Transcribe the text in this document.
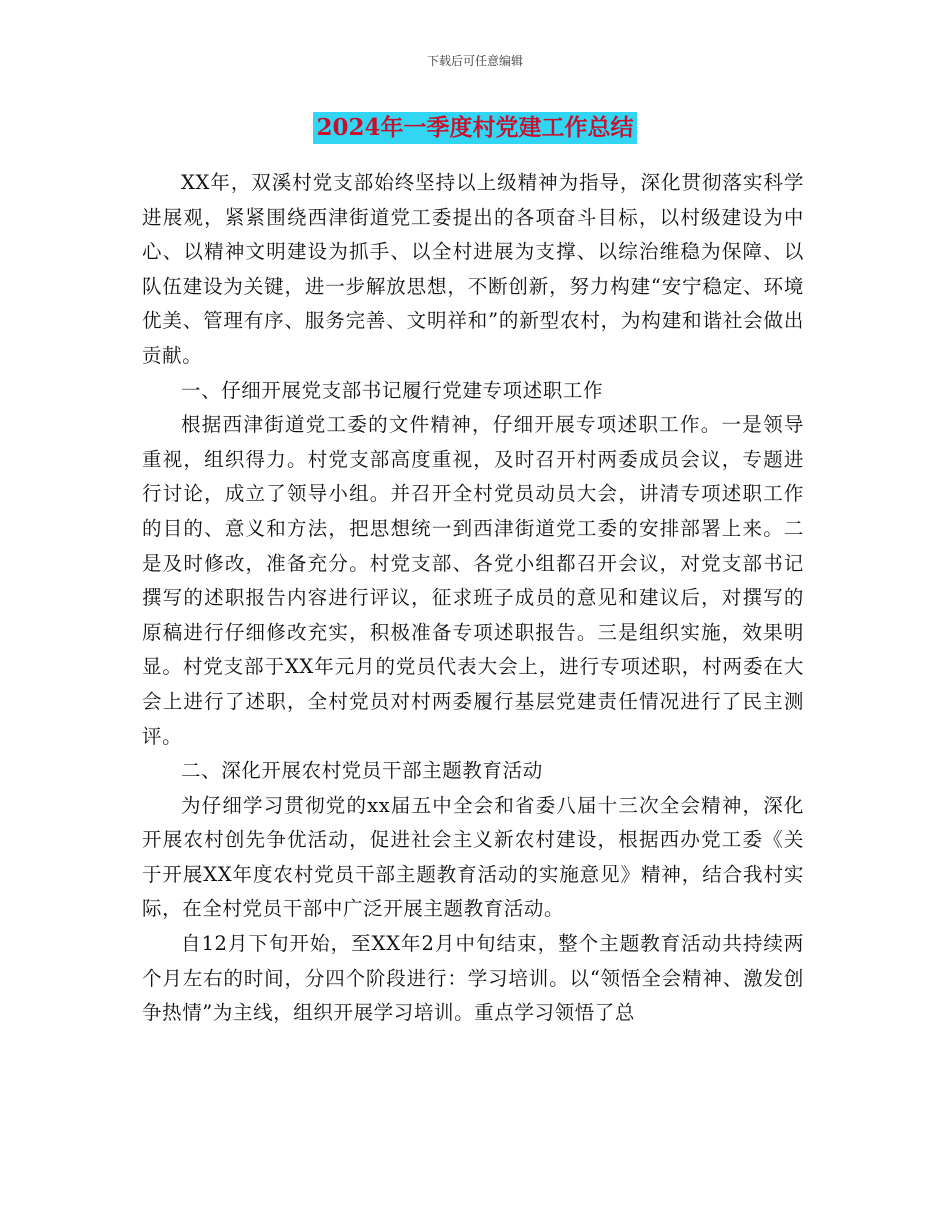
下载后可任意编辑
2024年一季度村党建工作总结

XX年，双溪村党支部始终坚持以上级精神为指导，深化贯彻落实科学进展观，紧紧围绕西津街道党工委提出的各项奋斗目标，以村级建设为中心、以精神文明建设为抓手、以全村进展为支撑、以综治维稳为保障、以队伍建设为关键，进一步解放思想，不断创新，努力构建“安宁稳定、环境优美、管理有序、服务完善、文明祥和”的新型农村，为构建和谐社会做出贡献。

一、仔细开展党支部书记履行党建专项述职工作

根据西津街道党工委的文件精神，仔细开展专项述职工作。一是领导重视，组织得力。村党支部高度重视，及时召开村两委成员会议，专题进行讨论，成立了领导小组。并召开全村党员动员大会，讲清专项述职工作的目的、意义和方法，把思想统一到西津街道党工委的安排部署上来。二是及时修改，准备充分。村党支部、各党小组都召开会议，对党支部书记撰写的述职报告内容进行评议，征求班子成员的意见和建议后，对撰写的原稿进行仔细修改充实，积极准备专项述职报告。三是组织实施，效果明显。村党支部于XX年元月的党员代表大会上，进行专项述职，村两委在大会上进行了述职，全村党员对村两委履行基层党建责任情况进行了民主测评。

二、深化开展农村党员干部主题教育活动

为仔细学习贯彻党的xx届五中全会和省委八届十三次全会精神，深化开展农村创先争优活动，促进社会主义新农村建设，根据西办党工委《关于开展XX年度农村党员干部主题教育活动的实施意见》精神，结合我村实际，在全村党员干部中广泛开展主题教育活动。

自12月下旬开始，至XX年2月中旬结束，整个主题教育活动共持续两个月左右的时间，分四个阶段进行：学习培训。以“领悟全会精神、激发创争热情”为主线，组织开展学习培训。重点学习领悟了总
